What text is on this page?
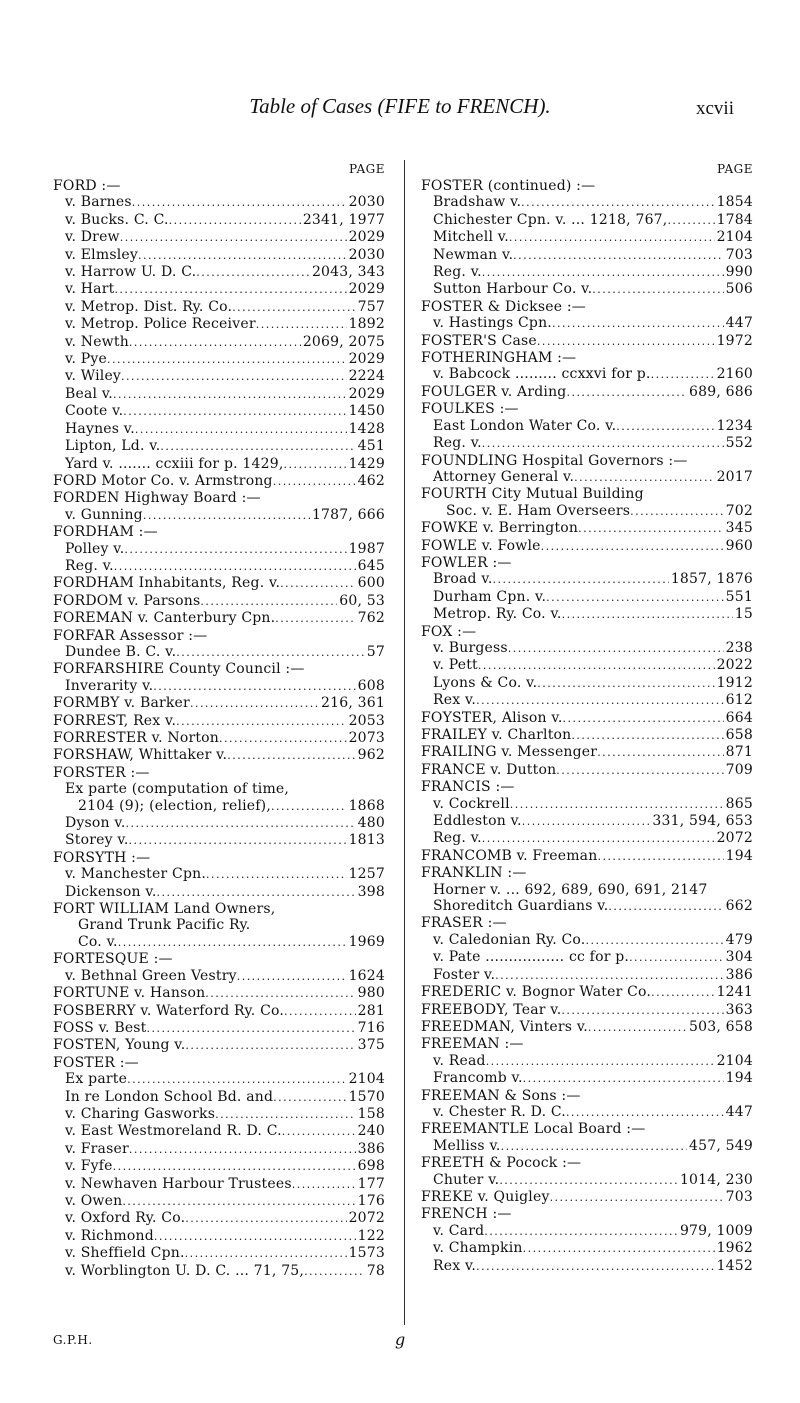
Table of Cases (FIFE to FRENCH).	xcvii
PAGE
FORD :—
v. Barnes . . .	2030
v. Bucks. C. C. . . .	2341, 1977
v. Drew . . .	2029
v. Elmsley . . .	2030
v. Harrow U. D. C. . . .	2043, 343
v. Hart . . .	2029
v. Metrop. Dist. Ry. Co. . . .	757
v. Metrop. Police Receiver . . .	1892
v. Newth . . .	2069, 2075
v. Pye . . .	2029
v. Wiley . . .	2224
Beal v. . . .	2029
Coote v. . . .	1450
Haynes v. . . .	1428
Lipton, Ld. v. . . .	451
Yard v. ....... ccxiii for p. 1429, . . .	1429
FORD Motor Co. v. Armstrong . . .	462
FORDEN Highway Board :—
v. Gunning . . .	1787, 666
FORDHAM :—
Polley v. . . .	1987
Reg. v. . . .	645
FORDHAM Inhabitants, Reg. v. . . .	600
FORDOM v. Parsons . . .	60, 53
FOREMAN v. Canterbury Cpn. . . .	762
FORFAR Assessor :—
Dundee B. C. v. . . .	57
FORFARSHIRE County Council :—
Inverarity v. . . .	608
FORMBY v. Barker . . .	216, 361
FORREST, Rex v. . . .	2053
FORRESTER v. Norton . . .	2073
FORSHAW, Whittaker v. . . .	962
FORSTER :—
Ex parte (computation of time,
2104 (9); (election, relief), . . .	1868
Dyson v. . . .	480
Storey v. . . .	1813
FORSYTH :—
v. Manchester Cpn. . . .	1257
Dickenson v. . . .	398
FORT WILLIAM Land Owners,
Grand Trunk Pacific Ry.
Co. v. . . .	1969
FORTESQUE :—
v. Bethnal Green Vestry . . .	1624
FORTUNE v. Hanson . . .	980
FOSBERRY v. Waterford Ry. Co. . . .	281
FOSS v. Best . . .	716
FOSTEN, Young v. . . .	375
FOSTER :—
Ex parte . . .	2104
In re London School Bd. and . . .	1570
v. Charing Gasworks . . .	158
v. East Westmoreland R. D. C. . . .	240
v. Fraser . . .	386
v. Fyfe . . .	698
v. Newhaven Harbour Trustees . . .	177
v. Owen . . .	176
v. Oxford Ry. Co. . . .	2072
v. Richmond . . .	122
v. Sheffield Cpn. . . .	1573
v. Worblington U. D. C. ... 71, 75, . . .	78
PAGE
FOSTER (continued) :—
Bradshaw v. . . .	1854
Chichester Cpn. v. ... 1218, 767, . . .	1784
Mitchell v. . . .	2104
Newman v. . . .	703
Reg. v. . . .	990
Sutton Harbour Co. v. . . .	506
FOSTER & Dicksee :—
v. Hastings Cpn. . . .	447
FOSTER'S Case . . .	1972
FOTHERINGHAM :—
v. Babcock ......... ccxxvi for p. . . .	2160
FOULGER v. Arding . . .	689, 686
FOULKES :—
East London Water Co. v. . . .	1234
Reg. v. . . .	552
FOUNDLING Hospital Governors :—
Attorney General v. . . .	2017
FOURTH City Mutual Building
Soc. v. E. Ham Overseers . . .	702
FOWKE v. Berrington . . .	345
FOWLE v. Fowle . . .	960
FOWLER :—
Broad v. . . .	1857, 1876
Durham Cpn. v. . . .	551
Metrop. Ry. Co. v. . . .	15
FOX :—
v. Burgess . . .	238
v. Pett . . .	2022
Lyons & Co. v. . . .	1912
Rex v. . . .	612
FOYSTER, Alison v. . . .	664
FRAILEY v. Charlton . . .	658
FRAILING v. Messenger . . .	871
FRANCE v. Dutton . . .	709
FRANCIS :—
v. Cockrell . . .	865
Eddleston v. . . .	331, 594, 653
Reg. v. . . .	2072
FRANCOMB v. Freeman . . .	194
FRANKLIN :—
Horner v. ... 692, 689, 690, 691, 2147
Shoreditch Guardians v. . . .	662
FRASER :—
v. Caledonian Ry. Co. . . .	479
v. Pate ................. cc for p. . . .	304
Foster v. . . .	386
FREDERIC v. Bognor Water Co. . . .	1241
FREEBODY, Tear v. . . .	363
FREEDMAN, Vinters v. . . .	503, 658
FREEMAN :—
v. Read . . .	2104
Francomb v. . . .	194
FREEMAN & Sons :—
v. Chester R. D. C. . . .	447
FREEMANTLE Local Board :—
Melliss v. . . .	457, 549
FREETH & Pocock :—
Chuter v. . . .	1014, 230
FREKE v. Quigley . . .	703
FRENCH :—
v. Card . . .	979, 1009
v. Champkin . . .	1962
Rex v. . . .	1452
G.P.H.	g
